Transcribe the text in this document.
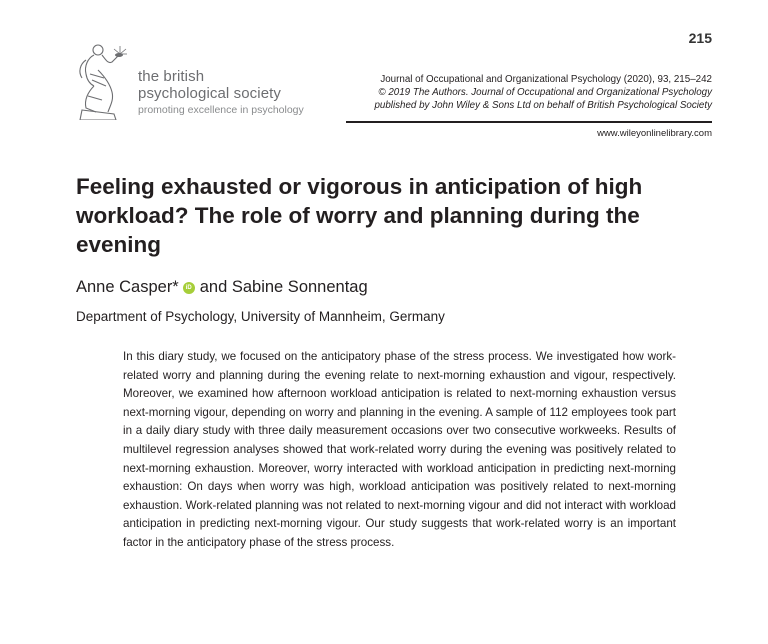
215
the british
psychological society
promoting excellence in psychology
Journal of Occupational and Organizational Psychology (2020), 93, 215–242
© 2019 The Authors. Journal of Occupational and Organizational Psychology
published by John Wiley & Sons Ltd on behalf of British Psychological Society
www.wileyonlinelibrary.com
Feeling exhausted or vigorous in anticipation of high workload? The role of worry and planning during the evening
Anne Casper*	iD and Sabine Sonnentag
Department of Psychology, University of Mannheim, Germany

In this diary study, we focused on the anticipatory phase of the stress process. We investigated how work-related worry and planning during the evening relate to next-morning exhaustion and vigour, respectively. Moreover, we examined how afternoon workload anticipation is related to next-morning exhaustion versus next-morning vigour, depending on worry and planning in the evening. A sample of 112 employees took part in a daily diary study with three daily measurement occasions over two consecutive workweeks. Results of multilevel regression analyses showed that work-related worry during the evening was positively related to next-morning exhaustion. Moreover, worry interacted with workload anticipation in predicting next-morning exhaustion: On days when worry was high, workload anticipation was positively related to next-morning exhaustion. Work-related planning was not related to next-morning vigour and did not interact with workload anticipation in predicting next-morning vigour. Our study suggests that work-related worry is an important factor in the anticipatory phase of the stress process.
